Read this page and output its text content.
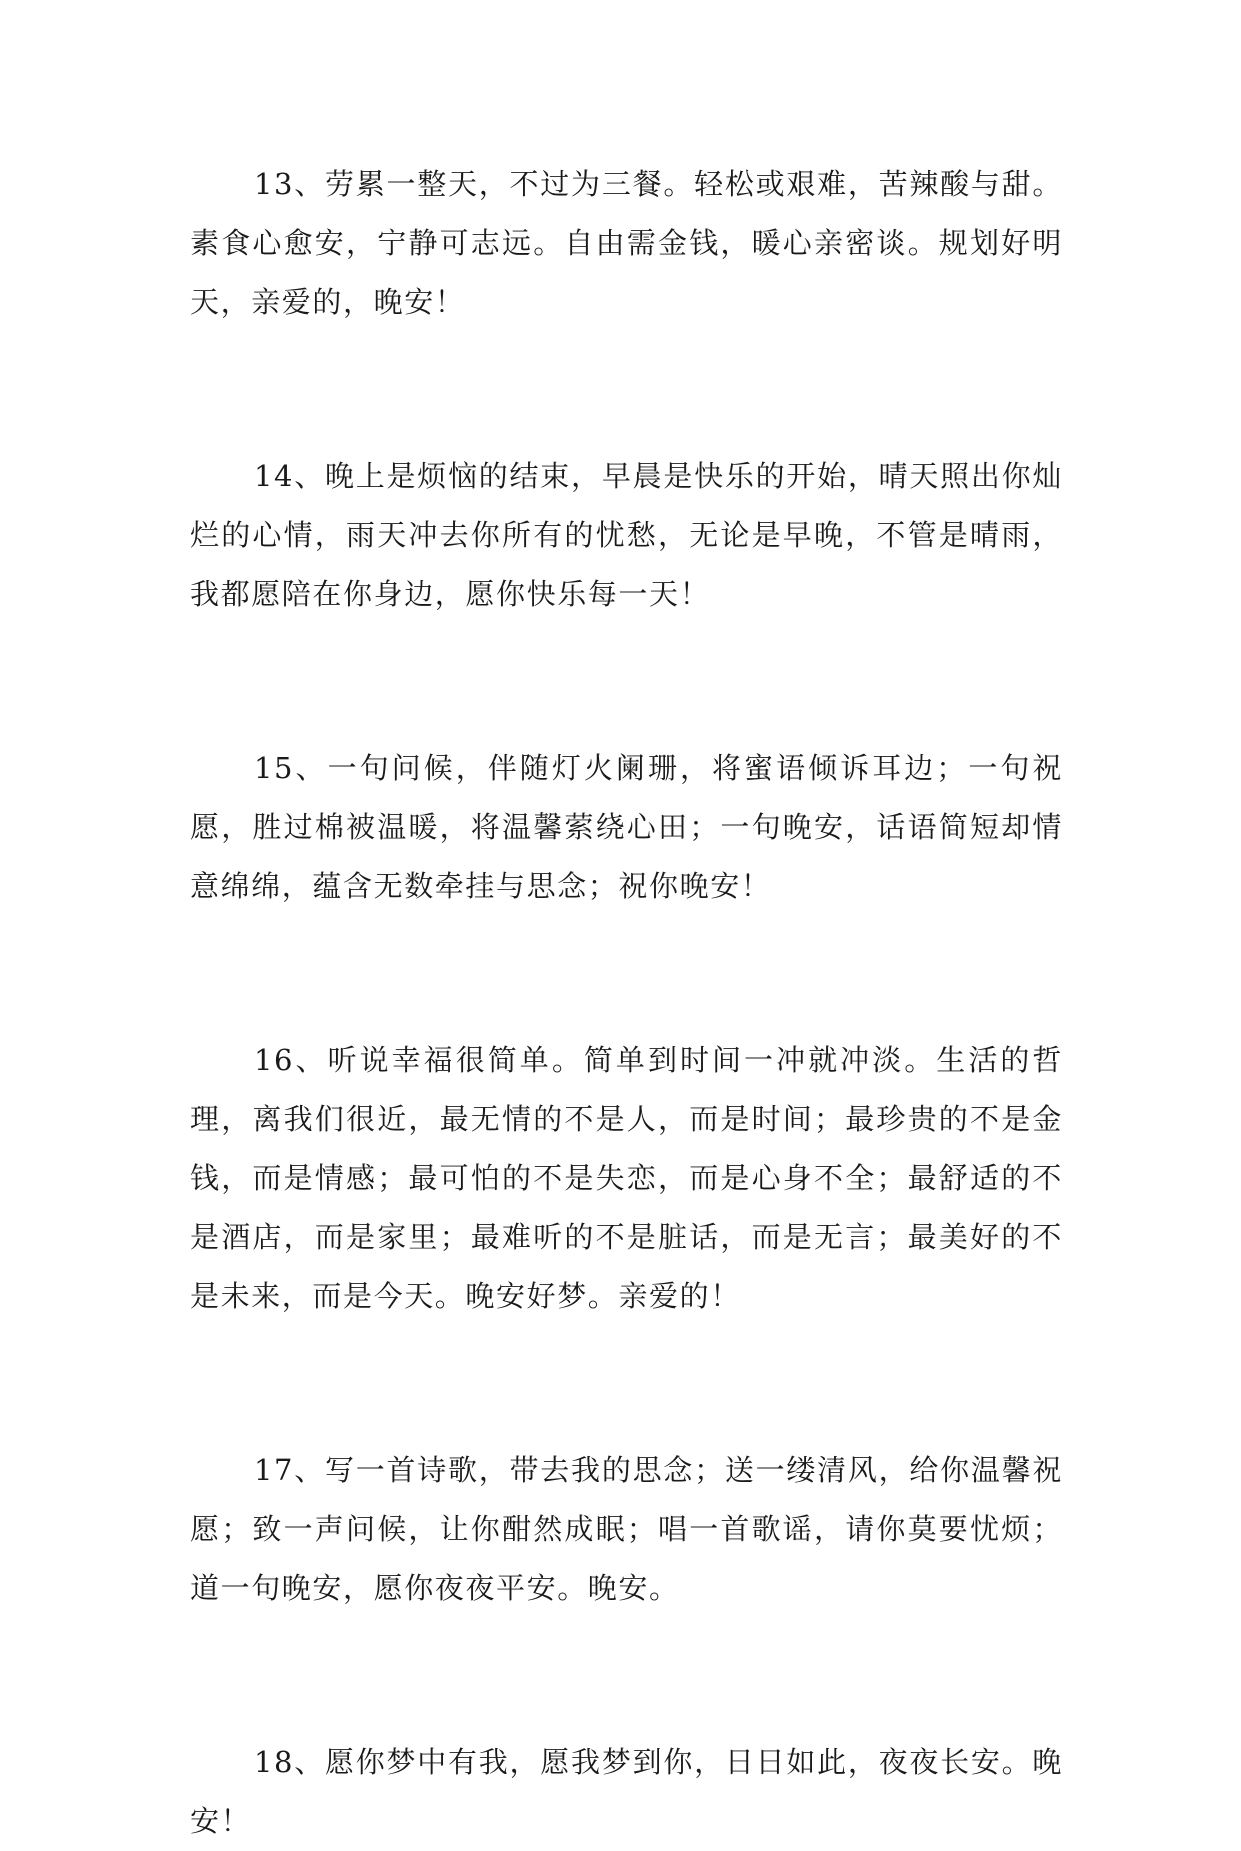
13、劳累一整天，不过为三餐。轻松或艰难，苦辣酸与甜。素食心愈安，宁静可志远。自由需金钱，暖心亲密谈。规划好明天，亲爱的，晚安！

14、晚上是烦恼的结束，早晨是快乐的开始，晴天照出你灿烂的心情，雨天冲去你所有的忧愁，无论是早晚，不管是晴雨，我都愿陪在你身边，愿你快乐每一天！

15、一句问候，伴随灯火阑珊，将蜜语倾诉耳边；一句祝愿，胜过棉被温暖，将温馨萦绕心田；一句晚安，话语简短却情意绵绵，蕴含无数牵挂与思念；祝你晚安！

16、听说幸福很简单。简单到时间一冲就冲淡。生活的哲理，离我们很近，最无情的不是人，而是时间；最珍贵的不是金钱，而是情感；最可怕的不是失恋，而是心身不全；最舒适的不是酒店，而是家里；最难听的不是脏话，而是无言；最美好的不是未来，而是今天。晚安好梦。亲爱的！

17、写一首诗歌，带去我的思念；送一缕清风，给你温馨祝愿；致一声问候，让你酣然成眠；唱一首歌谣，请你莫要忧烦；道一句晚安，愿你夜夜平安。晚安。

18、愿你梦中有我，愿我梦到你，日日如此，夜夜长安。晚安！
